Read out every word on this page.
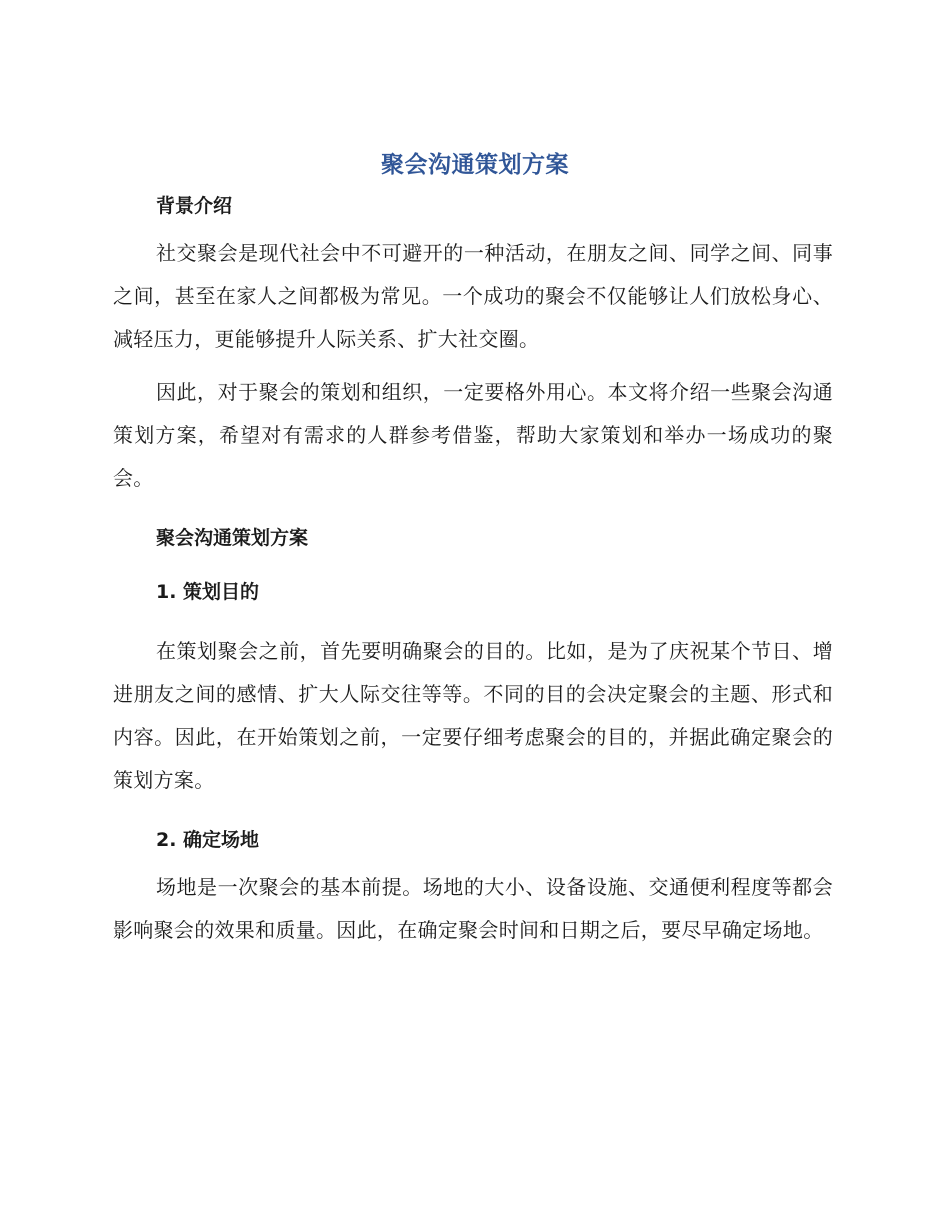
聚会沟通策划方案

背景介绍

社交聚会是现代社会中不可避开的一种活动，在朋友之间、同学之间、同事之间，甚至在家人之间都极为常见。一个成功的聚会不仅能够让人们放松身心、减轻压力，更能够提升人际关系、扩大社交圈。

因此，对于聚会的策划和组织，一定要格外用心。本文将介绍一些聚会沟通策划方案，希望对有需求的人群参考借鉴，帮助大家策划和举办一场成功的聚会。

聚会沟通策划方案

1. 策划目的

在策划聚会之前，首先要明确聚会的目的。比如，是为了庆祝某个节日、增进朋友之间的感情、扩大人际交往等等。不同的目的会决定聚会的主题、形式和内容。因此，在开始策划之前，一定要仔细考虑聚会的目的，并据此确定聚会的策划方案。

2. 确定场地

场地是一次聚会的基本前提。场地的大小、设备设施、交通便利程度等都会影响聚会的效果和质量。因此，在确定聚会时间和日期之后，要尽早确定场地。
